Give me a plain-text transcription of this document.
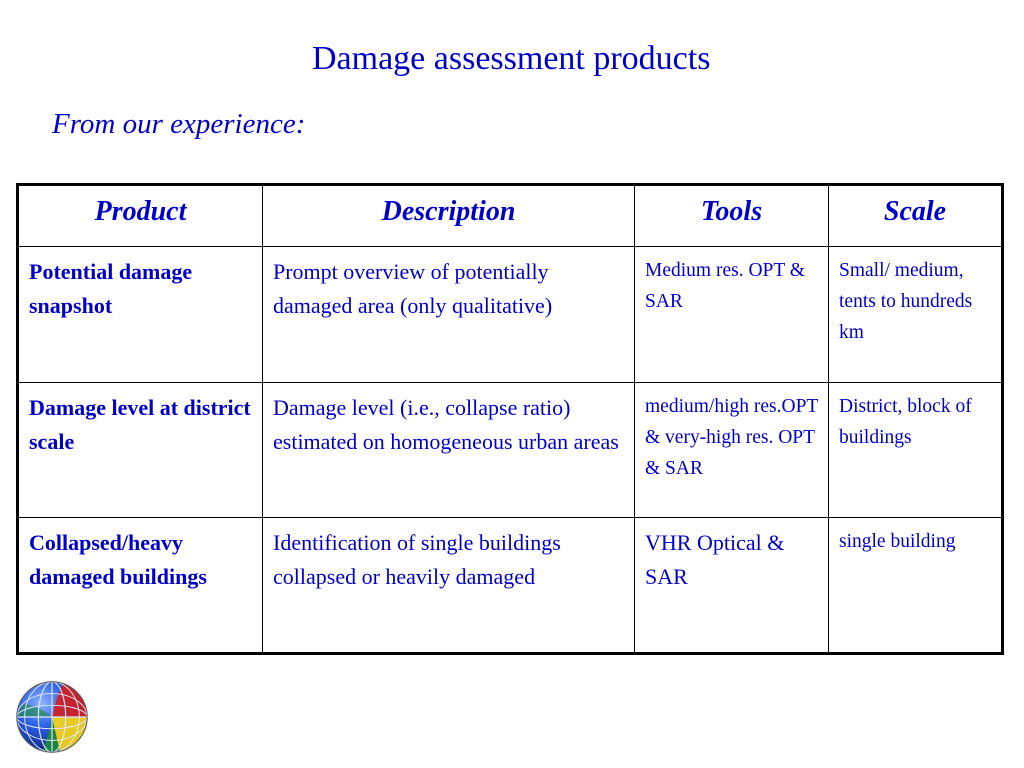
Damage assessment products
From our experience:
Product	Description	Tools	Scale
Potential damage snapshot	Prompt overview of potentially damaged area (only qualitative)	Medium res. OPT & SAR	Small/ medium, tents to hundreds km
Damage level at district scale	Damage level (i.e., collapse ratio) estimated on homogeneous urban areas	medium/high res.OPT & very-high res. OPT & SAR	District, block of buildings
Collapsed/heavy damaged buildings	Identification of single buildings collapsed or heavily damaged	VHR Optical & SAR	single building
